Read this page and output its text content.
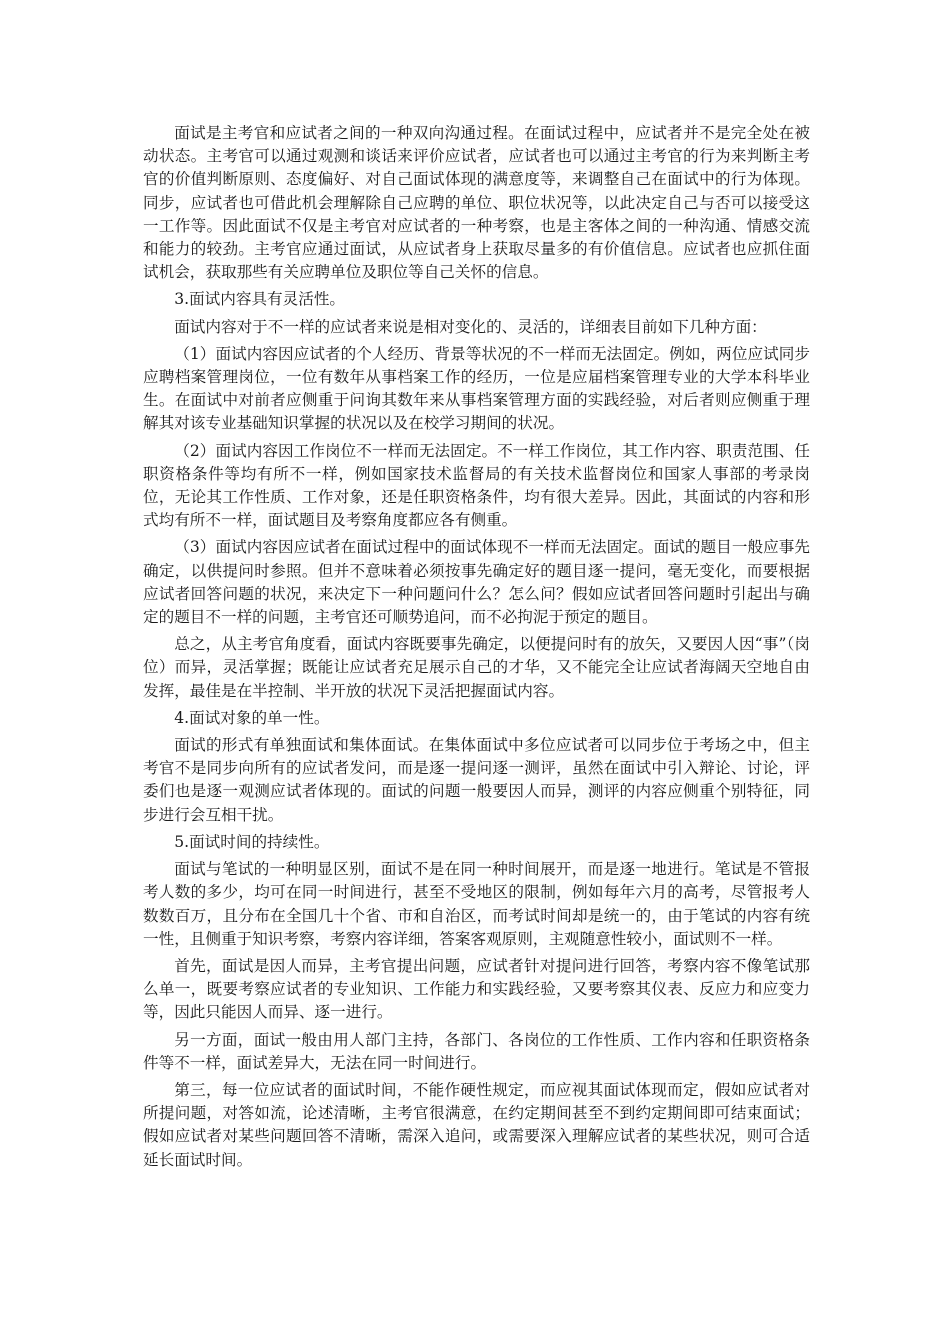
面试是主考官和应试者之间的一种双向沟通过程。在面试过程中，应试者并不是完全处在被动状态。主考官可以通过观测和谈话来评价应试者，应试者也可以通过主考官的行为来判断主考官的价值判断原则、态度偏好、对自己面试体现的满意度等，来调整自己在面试中的行为体现。同步，应试者也可借此机会理解除自己应聘的单位、职位状况等，以此决定自己与否可以接受这一工作等。因此面试不仅是主考官对应试者的一种考察，也是主客体之间的一种沟通、情感交流和能力的较劲。主考官应通过面试，从应试者身上获取尽量多的有价值信息。应试者也应抓住面试机会，获取那些有关应聘单位及职位等自己关怀的信息。

3.面试内容具有灵活性。

面试内容对于不一样的应试者来说是相对变化的、灵活的，详细表目前如下几种方面：

（1）面试内容因应试者的个人经历、背景等状况的不一样而无法固定。例如，两位应试同步应聘档案管理岗位，一位有数年从事档案工作的经历，一位是应届档案管理专业的大学本科毕业生。在面试中对前者应侧重于问询其数年来从事档案管理方面的实践经验，对后者则应侧重于理解其对该专业基础知识掌握的状况以及在校学习期间的状况。

（2）面试内容因工作岗位不一样而无法固定。不一样工作岗位，其工作内容、职责范围、任职资格条件等均有所不一样，例如国家技术监督局的有关技术监督岗位和国家人事部的考录岗位，无论其工作性质、工作对象，还是任职资格条件，均有很大差异。因此，其面试的内容和形式均有所不一样，面试题目及考察角度都应各有侧重。

（3）面试内容因应试者在面试过程中的面试体现不一样而无法固定。面试的题目一般应事先确定，以供提问时参照。但并不意味着必须按事先确定好的题目逐一提问，毫无变化，而要根据应试者回答问题的状况，来决定下一种问题问什么？怎么问？假如应试者回答问题时引起出与确定的题目不一样的问题，主考官还可顺势追问，而不必拘泥于预定的题目。

总之，从主考官角度看，面试内容既要事先确定，以便提问时有的放矢，又要因人因“事”（岗位）而异，灵活掌握；既能让应试者充足展示自己的才华，又不能完全让应试者海阔天空地自由发挥，最佳是在半控制、半开放的状况下灵活把握面试内容。

4.面试对象的单一性。

面试的形式有单独面试和集体面试。在集体面试中多位应试者可以同步位于考场之中，但主考官不是同步向所有的应试者发问，而是逐一提问逐一测评，虽然在面试中引入辩论、讨论，评委们也是逐一观测应试者体现的。面试的问题一般要因人而异，测评的内容应侧重个别特征，同步进行会互相干扰。

5.面试时间的持续性。

面试与笔试的一种明显区别，面试不是在同一种时间展开，而是逐一地进行。笔试是不管报考人数的多少，均可在同一时间进行，甚至不受地区的限制，例如每年六月的高考，尽管报考人数数百万，且分布在全国几十个省、市和自治区，而考试时间却是统一的，由于笔试的内容有统一性，且侧重于知识考察，考察内容详细，答案客观原则，主观随意性较小，面试则不一样。

首先，面试是因人而异，主考官提出问题，应试者针对提问进行回答，考察内容不像笔试那么单一，既要考察应试者的专业知识、工作能力和实践经验，又要考察其仪表、反应力和应变力等，因此只能因人而异、逐一进行。

另一方面，面试一般由用人部门主持，各部门、各岗位的工作性质、工作内容和任职资格条件等不一样，面试差异大，无法在同一时间进行。

第三，每一位应试者的面试时间，不能作硬性规定，而应视其面试体现而定，假如应试者对所提问题，对答如流，论述清晰，主考官很满意，在约定期间甚至不到约定期间即可结束面试；假如应试者对某些问题回答不清晰，需深入追问，或需要深入理解应试者的某些状况，则可合适延长面试时间。
